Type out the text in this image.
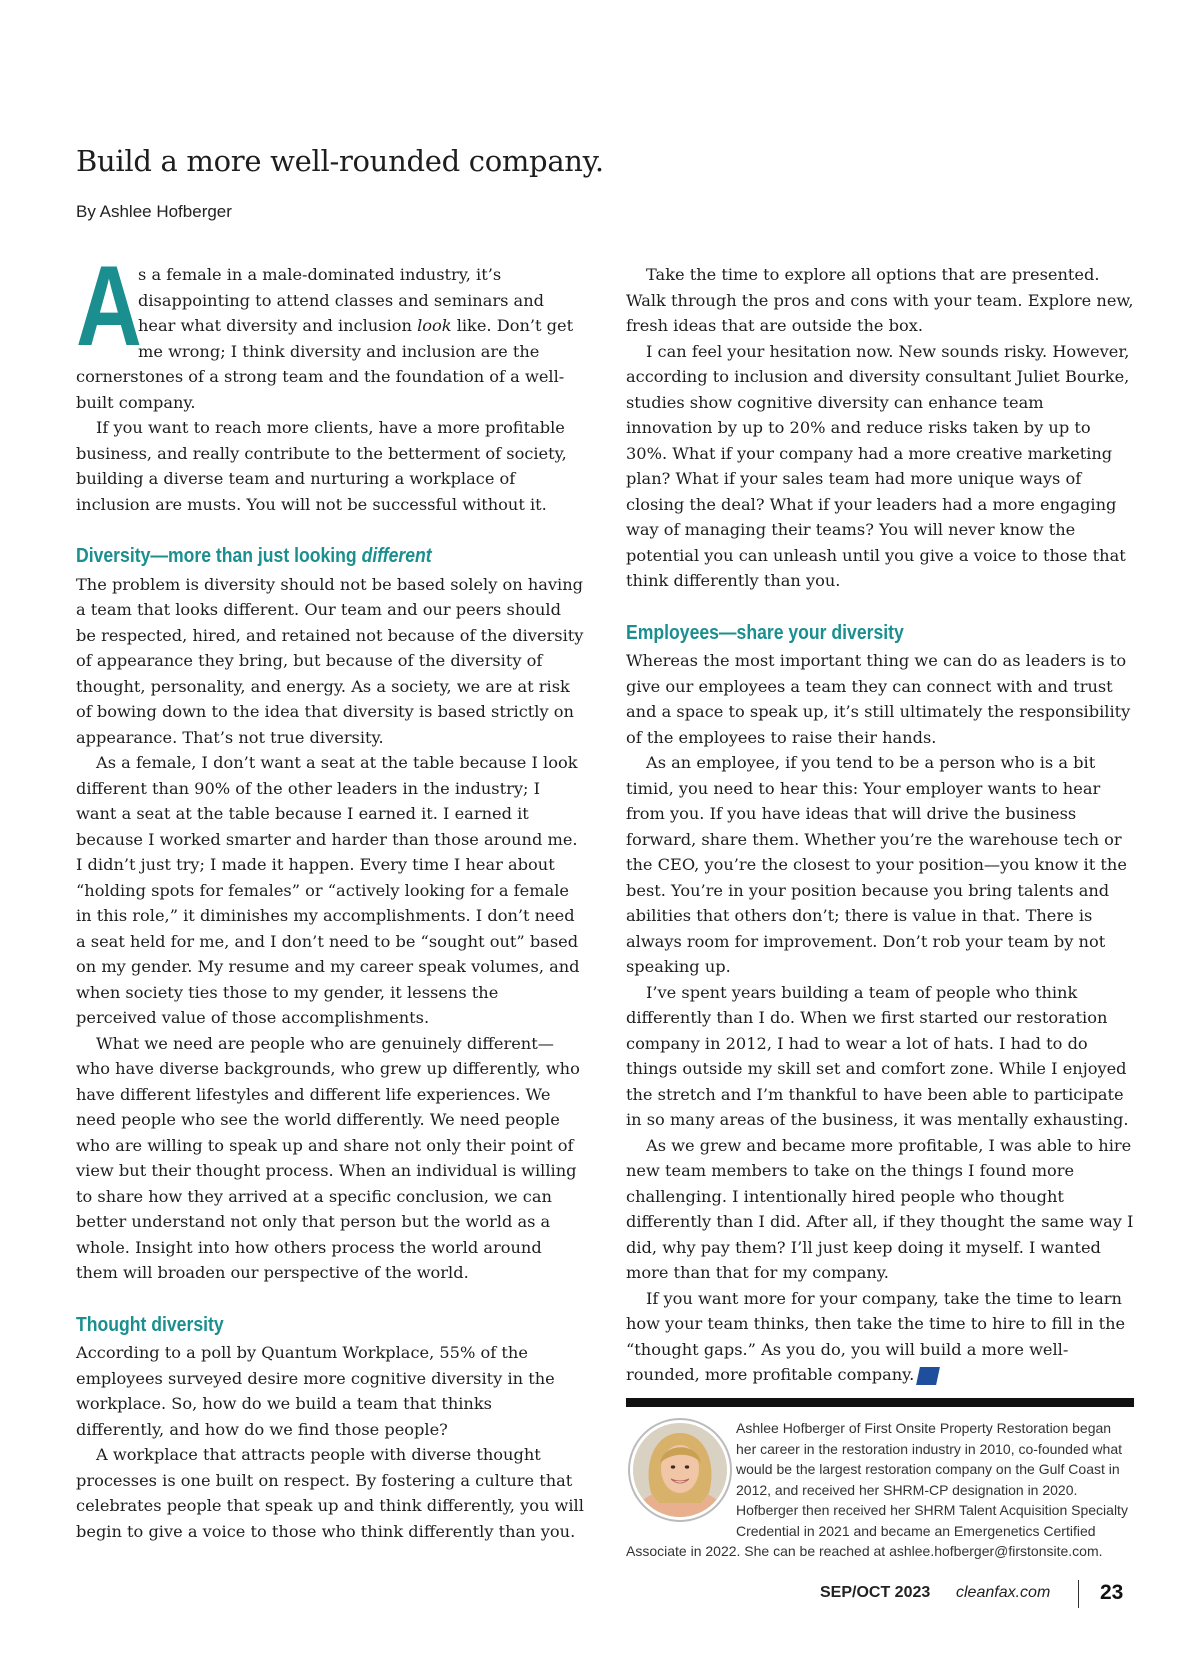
Build a more well-rounded company.
By Ashlee Hofberger

A
s a female in a male-dominated industry, it’s disappointing to attend classes and seminars and hear what diversity and inclusion look like. Don’t get me wrong; I think diversity and inclusion are the cornerstones of a strong team and the foundation of a well-built company.

If you want to reach more clients, have a more profitable business, and really contribute to the betterment of society, building a diverse team and nurturing a workplace of inclusion are musts. You will not be successful without it.

Diversity—more than just looking different

The problem is diversity should not be based solely on having a team that looks different. Our team and our peers should be respected, hired, and retained not because of the diversity of appearance they bring, but because of the diversity of thought, personality, and energy. As a society, we are at risk of bowing down to the idea that diversity is based strictly on appearance. That’s not true diversity.

As a female, I don’t want a seat at the table because I look different than 90% of the other leaders in the industry; I want a seat at the table because I earned it. I earned it because I worked smarter and harder than those around me. I didn’t just try; I made it happen. Every time I hear about “holding spots for females” or “actively looking for a female in this role,” it diminishes my accomplishments. I don’t need a seat held for me, and I don’t need to be “sought out” based on my gender. My resume and my career speak volumes, and when society ties those to my gender, it lessens the perceived value of those accomplishments.

What we need are people who are genuinely different—who have diverse backgrounds, who grew up differently, who have different lifestyles and different life experiences. We need people who see the world differently. We need people who are willing to speak up and share not only their point of view but their thought process. When an individual is willing to share how they arrived at a specific conclusion, we can better understand not only that person but the world as a whole. Insight into how others process the world around them will broaden our perspective of the world.

Thought diversity

According to a poll by Quantum Workplace, 55% of the employees surveyed desire more cognitive diversity in the workplace. So, how do we build a team that thinks differently, and how do we find those people?

A workplace that attracts people with diverse thought processes is one built on respect. By fostering a culture that celebrates people that speak up and think differently, you will begin to give a voice to those who think differently than you.

Take the time to explore all options that are presented. Walk through the pros and cons with your team. Explore new, fresh ideas that are outside the box.

I can feel your hesitation now. New sounds risky. However, according to inclusion and diversity consultant Juliet Bourke, studies show cognitive diversity can enhance team innovation by up to 20% and reduce risks taken by up to 30%. What if your company had a more creative marketing plan? What if your sales team had more unique ways of closing the deal? What if your leaders had a more engaging way of managing their teams? You will never know the potential you can unleash until you give a voice to those that think differently than you.

Employees—share your diversity

Whereas the most important thing we can do as leaders is to give our employees a team they can connect with and trust and a space to speak up, it’s still ultimately the responsibility of the employees to raise their hands.

As an employee, if you tend to be a person who is a bit timid, you need to hear this: Your employer wants to hear from you. If you have ideas that will drive the business forward, share them. Whether you’re the warehouse tech or the CEO, you’re the closest to your position—you know it the best. You’re in your position because you bring talents and abilities that others don’t; there is value in that. There is always room for improvement. Don’t rob your team by not speaking up.

I’ve spent years building a team of people who think differently than I do. When we first started our restoration company in 2012, I had to wear a lot of hats. I had to do things outside my skill set and comfort zone. While I enjoyed the stretch and I’m thankful to have been able to participate in so many areas of the business, it was mentally exhausting.

As we grew and became more profitable, I was able to hire new team members to take on the things I found more challenging. I intentionally hired people who thought differently than I did. After all, if they thought the same way I did, why pay them? I’ll just keep doing it myself. I wanted more than that for my company.

If you want more for your company, take the time to learn how your team thinks, then take the time to hire to fill in the “thought gaps.” As you do, you will build a more well-rounded, more profitable company. CF

Ashlee Hofberger of First Onsite Property Restoration began her career in the restoration industry in 2010, co-founded what would be the largest restoration company on the Gulf Coast in 2012, and received her SHRM-CP designation in 2020. Hofberger then received her SHRM Talent Acquisition Specialty Credential in 2021 and became an Emergenetics Certified Associate in 2022. She can be reached at ashlee.hofberger@firstonsite.com.
SEP/OCT 2023 cleanfax.com 23
